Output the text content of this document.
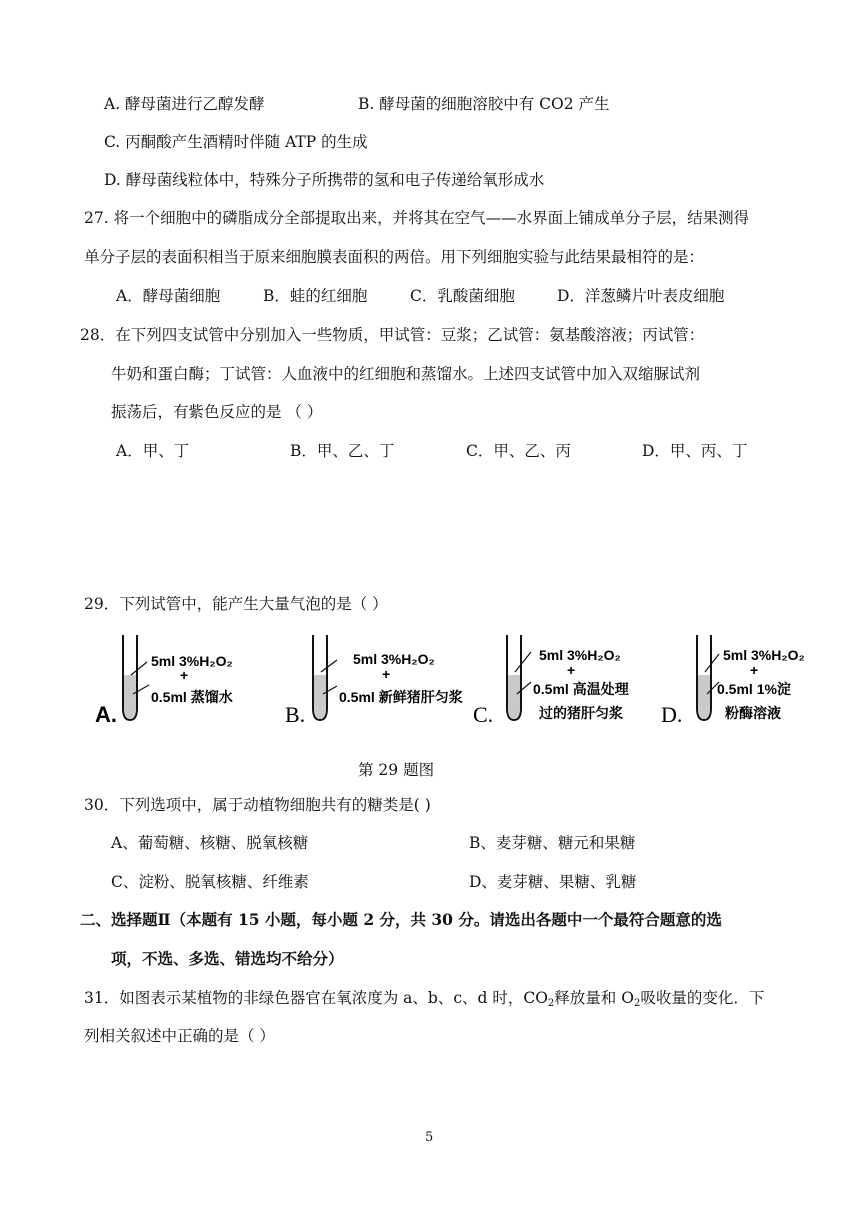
A. 酵母菌进行乙醇发酵	B. 酵母菌的细胞溶胶中有 CO2 产生
C. 丙酮酸产生酒精时伴随 ATP 的生成
D. 酵母菌线粒体中，特殊分子所携带的氢和电子传递给氧形成水
27. 将一个细胞中的磷脂成分全部提取出来，并将其在空气——水界面上铺成单分子层，结果测得
单分子层的表面积相当于原来细胞膜表面积的两倍。用下列细胞实验与此结果最相符的是：
A．酵母菌细胞	B．蛙的红细胞	C．乳酸菌细胞	D．洋葱鳞片叶表皮细胞
28．在下列四支试管中分别加入一些物质，甲试管：豆浆；乙试管：氨基酸溶液；丙试管：
牛奶和蛋白酶；丁试管：人血液中的红细胞和蒸馏水。上述四支试管中加入双缩脲试剂
振荡后，有紫色反应的是 （ ）
A．甲、丁	B．甲、乙、丁	C．甲、乙、丙	D．甲、丙、丁
29．下列试管中，能产生大量气泡的是（ ）
A.
5ml 3%H₂O₂
+
0.5ml 蒸馏水
B.
5ml 3%H₂O₂
+
0.5ml 新鲜猪肝匀浆
C.
5ml 3%H₂O₂
+
0.5ml 高温处理
过的猪肝匀浆 D.
5ml 3%H₂O₂
+
0.5ml 1%淀
粉酶溶液
第 29 题图
30．下列选项中，属于动植物细胞共有的糖类是( )
A、葡萄糖、核糖、脱氧核糖	B、麦芽糖、糖元和果糖
C、淀粉、脱氧核糖、纤维素	D、麦芽糖、果糖、乳糖
二、选择题Ⅱ（本题有 15 小题，每小题 2 分，共 30 分。请选出各题中一个最符合题意的选
项，不选、多选、错选均不给分）
31．如图表示某植物的非绿色器官在氧浓度为 a、b、c、d 时，$CO_2$释放量和 $O_2$吸收量的变化．下
列相关叙述中正确的是（ ）
5
